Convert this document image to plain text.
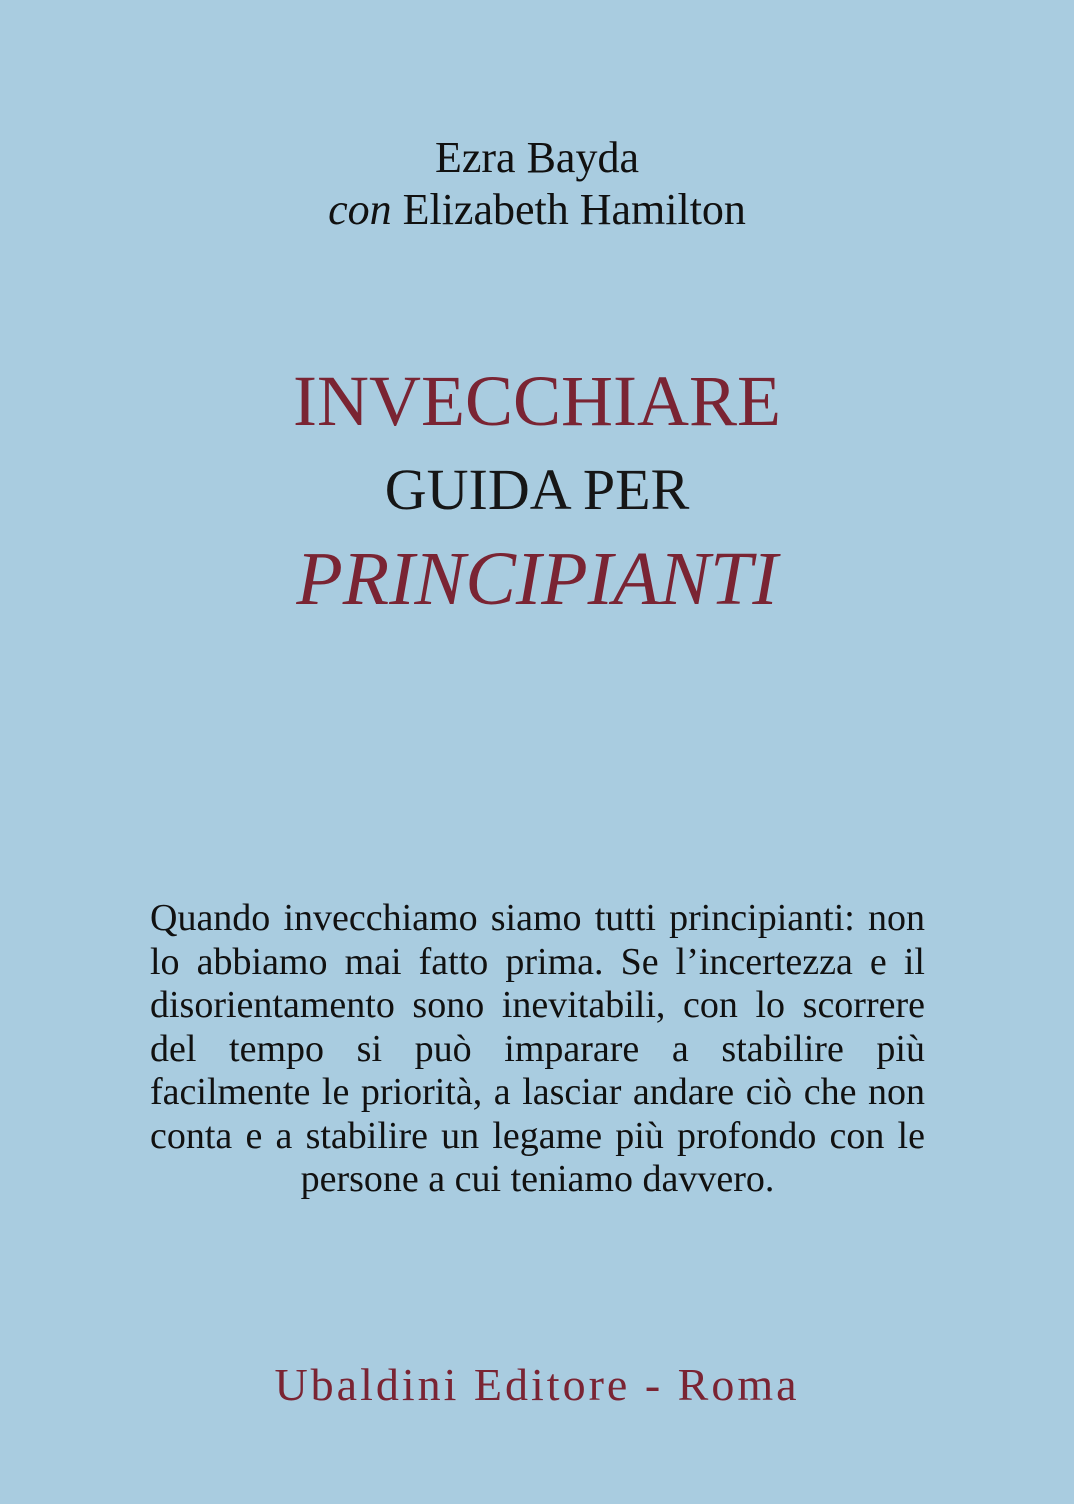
Ezra Bayda
con Elizabeth Hamilton
INVECCHIARE
GUIDA PER
PRINCIPIANTI
Quando invecchiamo siamo tutti principianti: non lo abbiamo mai fatto prima. Se l’incertezza e il disorientamento sono inevitabili, con lo scorrere del tempo si può imparare a stabilire più facilmente le priorità, a lasciar andare ciò che non conta e a stabilire un legame più profondo con le persone a cui teniamo davvero.
Ubaldini Editore - Roma
